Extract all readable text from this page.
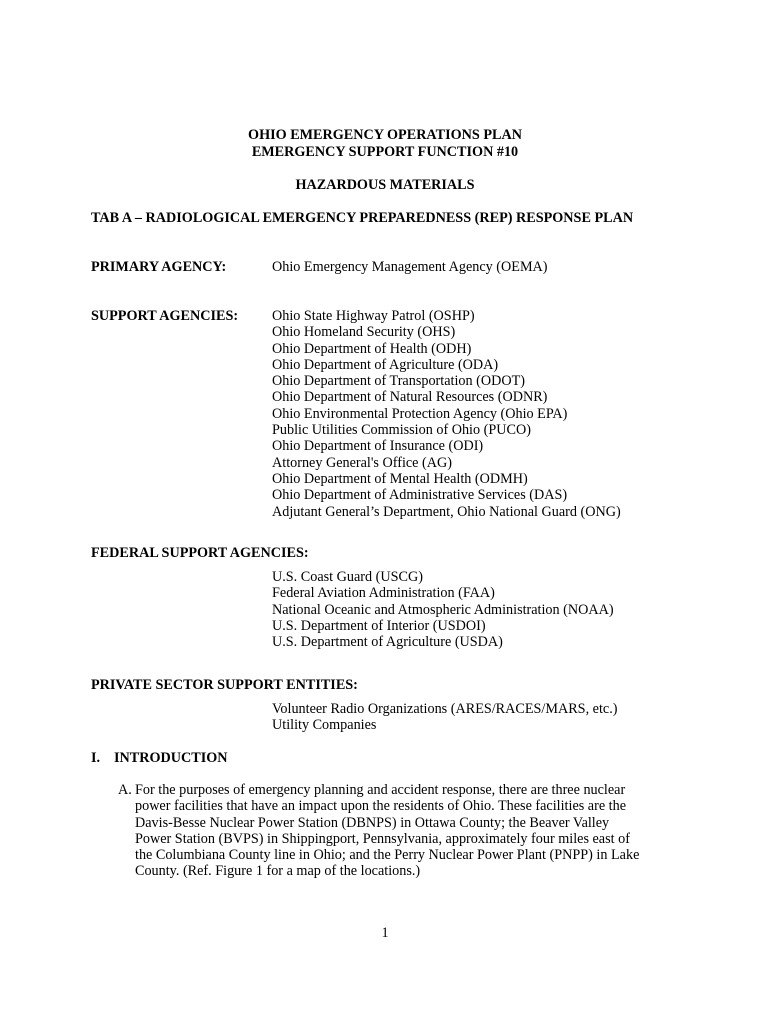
OHIO EMERGENCY OPERATIONS PLAN
EMERGENCY SUPPORT FUNCTION #10
HAZARDOUS MATERIALS
TAB A – RADIOLOGICAL EMERGENCY PREPAREDNESS (REP) RESPONSE PLAN
PRIMARY AGENCY:	Ohio Emergency Management Agency (OEMA)
SUPPORT AGENCIES: Ohio State Highway Patrol (OSHP)
Ohio Homeland Security (OHS)
Ohio Department of Health (ODH)
Ohio Department of Agriculture (ODA)
Ohio Department of Transportation (ODOT)
Ohio Department of Natural Resources (ODNR)
Ohio Environmental Protection Agency (Ohio EPA)
Public Utilities Commission of Ohio (PUCO)
Ohio Department of Insurance (ODI)
Attorney General's Office (AG)
Ohio Department of Mental Health (ODMH)
Ohio Department of Administrative Services (DAS)
Adjutant General’s Department, Ohio National Guard (ONG)
FEDERAL SUPPORT AGENCIES:
U.S. Coast Guard (USCG)
Federal Aviation Administration (FAA)
National Oceanic and Atmospheric Administration (NOAA)
U.S. Department of Interior (USDOI)
U.S. Department of Agriculture (USDA)
PRIVATE SECTOR SUPPORT ENTITIES:
Volunteer Radio Organizations (ARES/RACES/MARS, etc.)
Utility Companies
I. INTRODUCTION
A. For the purposes of emergency planning and accident response, there are three nuclear
power facilities that have an impact upon the residents of Ohio. These facilities are the
Davis-Besse Nuclear Power Station (DBNPS) in Ottawa County; the Beaver Valley
Power Station (BVPS) in Shippingport, Pennsylvania, approximately four miles east of
the Columbiana County line in Ohio; and the Perry Nuclear Power Plant (PNPP) in Lake
County. (Ref. Figure 1 for a map of the locations.)
1
